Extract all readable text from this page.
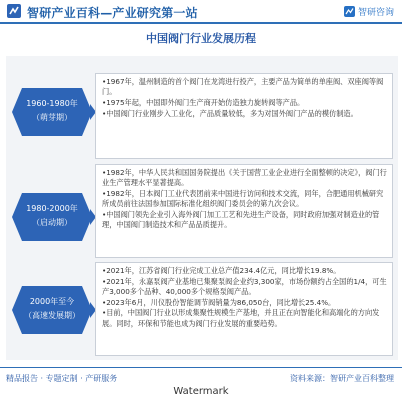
智研产业百科—产业研究第一站	智研咨询
中国阀门行业发展历程
1960-1980年
（萌芽期）

•1967年，温州制造的首个阀门在龙湾进行投产，主要产品为简单的单座阀、双座阀等阀门。

•1975年起，中国即外阀门生产商开始仿造独力旋转阀等产品。

•中国阀门行业刚步入工业化，产品质量较低，多为对国外阀门产品的模仿制造。

1980-2000年
（启动期）

•1982年，中华人民共和国国务院提出《关于国营工业企业进行全面整顿的决定》，阀门行业生产管理水平显著提高。

•1982年，日本阀门工业代表团前来中国进行访问和技术交流，同年，合肥通用机械研究所成员前往法国参加国际标准化组织阀门委员会的第九次会议。

•中国阀门领先企业引入海外阀门加工工艺和先进生产设备，同时政府加强对制造业的管理，中国阀门制造技术和产品品质提升。

2000年至今
（高速发展期）

•2021年，江苏省阀门行业完成工业总产值234.4亿元，同比增长19.8%。

•2021年，永嘉泵阀产业基地已集聚泵阀企业约3,300家，市场份额约占全国的1/4，可生产3,000多个品种、40,000多个规格泵阀产品。

•2023年6月，川仪股份智能调节阀销量为86,050台，同比增长25.4%。

•目前，中国阀门行业以形成集聚性规模生产基地，并且正在向智能化和高端化的方向发展。同时，环保和节能也成为阀门行业发展的重要趋势。

精品报告 · 专题定制 · 产研服务	资料来源：智研产业百科整理
Watermark
